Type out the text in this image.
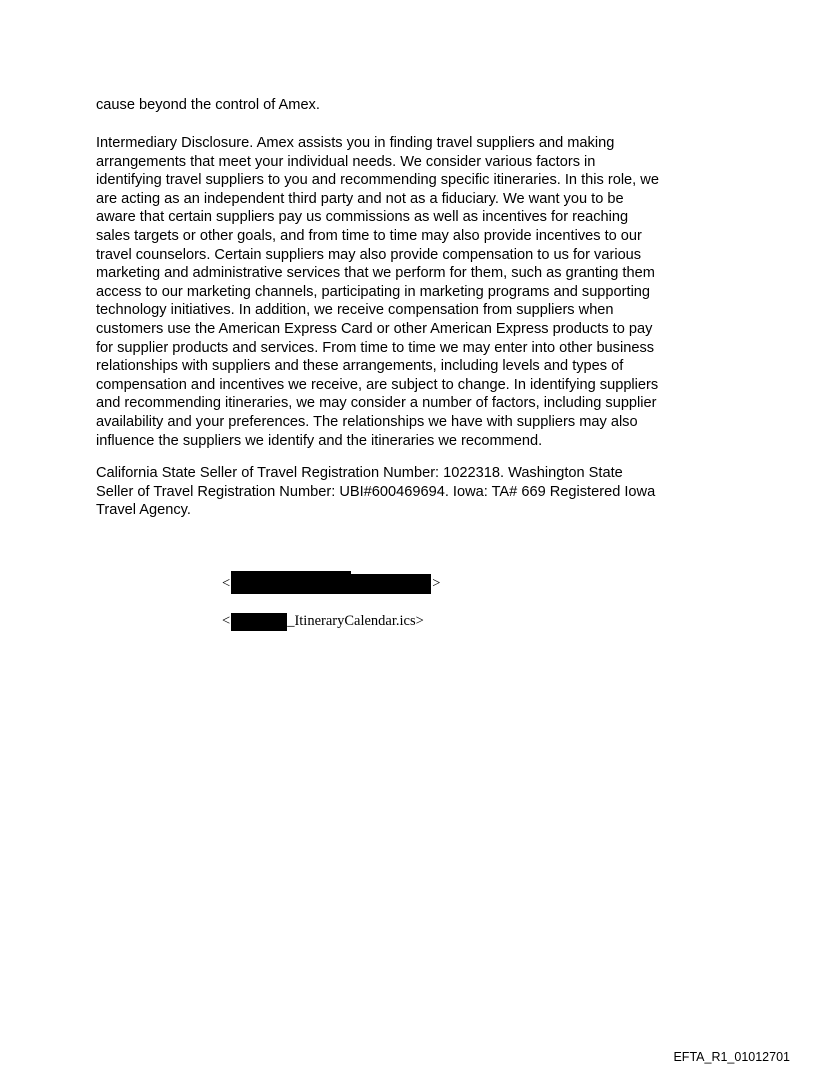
cause beyond the control of Amex.
Intermediary Disclosure. Amex assists you in finding travel suppliers and making
arrangements that meet your individual needs. We consider various factors in
identifying travel suppliers to you and recommending specific itineraries. In this role, we
are acting as an independent third party and not as a fiduciary. We want you to be
aware that certain suppliers pay us commissions as well as incentives for reaching
sales targets or other goals, and from time to time may also provide incentives to our
travel counselors. Certain suppliers may also provide compensation to us for various
marketing and administrative services that we perform for them, such as granting them
access to our marketing channels, participating in marketing programs and supporting
technology initiatives. In addition, we receive compensation from suppliers when
customers use the American Express Card or other American Express products to pay
for supplier products and services. From time to time we may enter into other business
relationships with suppliers and these arrangements, including levels and types of
compensation and incentives we receive, are subject to change. In identifying suppliers
and recommending itineraries, we may consider a number of factors, including supplier
availability and your preferences. The relationships we have with suppliers may also
influence the suppliers we identify and the itineraries we recommend.
California State Seller of Travel Registration Number: 1022318. Washington State
Seller of Travel Registration Number: UBI#600469694. Iowa: TA# 669 Registered Iowa
Travel Agency.
<	>
<	_ItineraryCalendar.ics>
EFTA_R1_01012701
